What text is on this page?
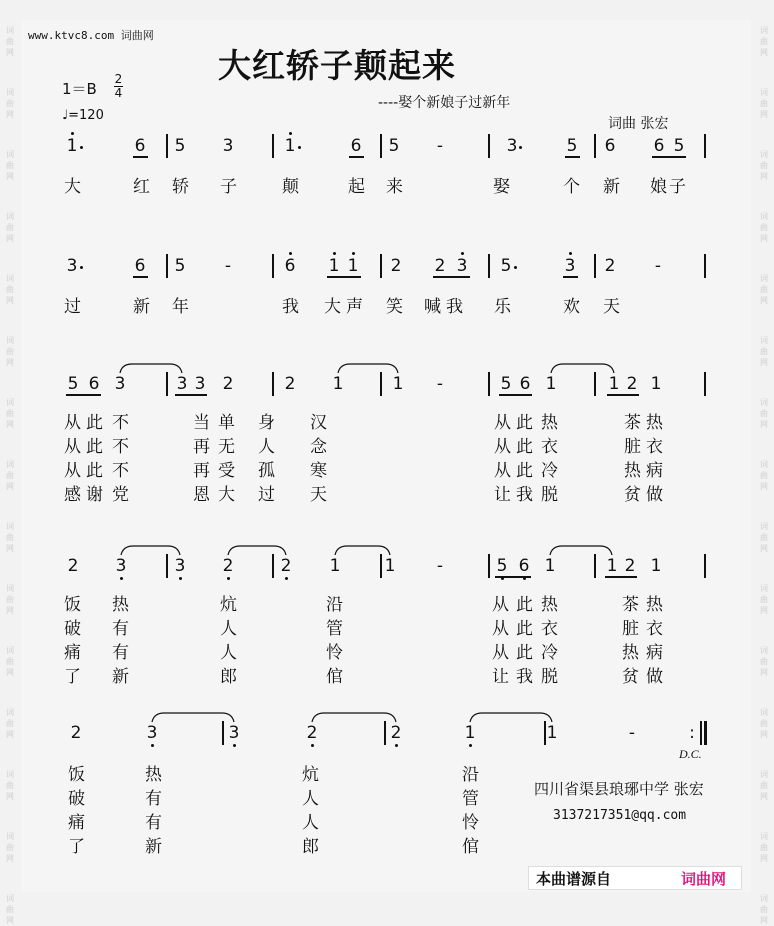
词
曲
网
词
曲
网
词
曲
网
词
曲
网
词
曲
网
词
曲
网
词
曲
网
词
曲
网
词
曲
网
词
曲
网
词
曲
网
词
曲
网
词
曲
网
词
曲
网
词
曲
网
词
曲
网
词
曲
网
词
曲
网
词
曲
网
词
曲
网
词
曲
网
词
曲
网
词
曲
网
词
曲
网
词
曲
网
词
曲
网
词
曲
网
词
曲
网
词
曲
网
词
曲
网
www.ktvc8.com 词曲网
大红轿子颠起来
----娶个新娘子过新年
1＝B
2
4
♩=120
词曲 张宏
1	6 5 3	1	6 5 -	3	5 6 6 5
大	红 轿 子	颠	起 来	娶	个 新 娘 子
3	6 5 -	6 1 1 2 2 3 5	3 2 -
过	新 年	我 大 声 笑 喊 我 乐	欢 天
5 6 3	3 3 2	2 1	1 -	5 6 1	1 2 1
从 此 不	当 单 身 汉	从 此 热	茶 热
从 此 不	再 无 人 念	从 此 衣	脏 衣
从 此 不	再 受 孤 寒	从 此 冷	热 病
感 谢 党	恩 大 过 天	让 我 脱	贫 做
2 3	3 2	2 1	1 -	5 6 1	1 2 1
饭 热	炕	沿	从 此 热	茶 热
破 有	人	管	从 此 衣	脏 衣
痛 有	人	怜	从 此 冷	热 病
了 新	郎	倌	让 我 脱	贫 做
2	3	3	2	2	1	1	-	:
饭	热	炕	沿
破	有	人	管
痛	有	人	怜
了	新	郎	倌
D.C.
四川省渠县琅琊中学 张宏
3137217351@qq.com
本曲谱源自	词曲网
